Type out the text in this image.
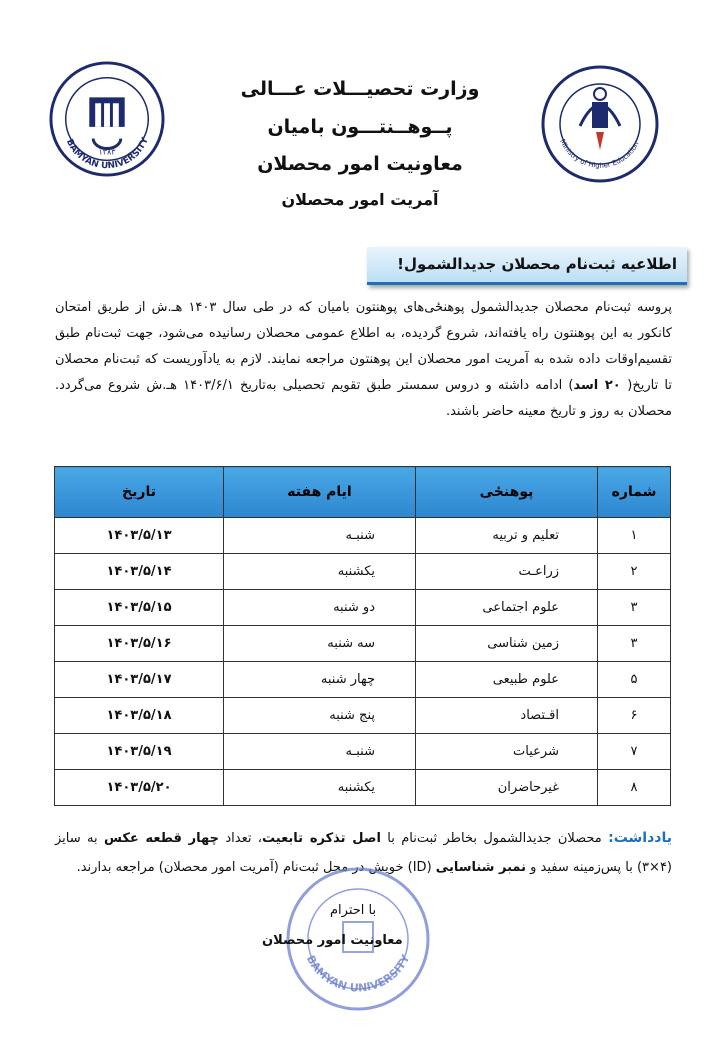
وزارت تحصیـــلات عـــالی
پــوهــنتـــون بامیان
معاونیت امور محصلان
آمریت امور محصلان
BAMYAN UNIVERSITY
۱۳۸۳
Ministry of Higher Education
اطلاعیه ثبت‌نام محصلان جدیدالشمول!
پروسه ثبت‌نام محصلان جدیدالشمول پوهنځی‌های پوهنتون بامیان که در طی سال ۱۴۰۳ هـ.ش از طریق امتحان کانکور به این پوهنتون راه یافته‌اند، شروع گردیده، به اطلاع عمومی محصلان رسانیده می‌شود، جهت ثبت‌نام طبق تقسیم‌اوقات داده شده به آمریت امور محصلان این پوهنتون مراجعه نمایند. لازم به یادآوریست که ثبت‌نام محصلان تا تاریخ( ۲۰ اسد) ادامه داشته و دروس سمستر طبق تقویم تحصیلی به‌تاریخ ۱۴۰۳/۶/۱ هـ.ش شروع می‌گردد. محصلان به روز و تاریخ معینه حاضر باشند.
شماره	پوهنځی	ایام هفته	تاریخ
۱	تعلیم و تربیه	شنبـه	۱۴۰۳/۵/۱۳
۲	زراعـت	یکشنبه	۱۴۰۳/۵/۱۴
۳	علوم اجتماعی	دو شنبه	۱۴۰۳/۵/۱۵
۳	زمین شناسی	سه شنبه	۱۴۰۳/۵/۱۶
۵	علوم طبیعی	چهار شنبه	۱۴۰۳/۵/۱۷
۶	اقـتصاد	پنج شنبه	۱۴۰۳/۵/۱۸
۷	شرعیات	شنبـه	۱۴۰۳/۵/۱۹
۸	غیرحاضران	یکشنبه	۱۴۰۳/۵/۲۰
یادداشت: محصلان جدیدالشمول بخاطر ثبت‌نام با اصل تذکره تابعیت، تعداد چهار قطعه عکس به سایز (۴×۳) با پس‌زمینه سفید و نمبر شناسایی (ID) خویش در محل ثبت‌نام (آمریت امور محصلان) مراجعه بدارند.
BAMYAN UNIVERSITY
با احترام
معاونیت امور محصلان
